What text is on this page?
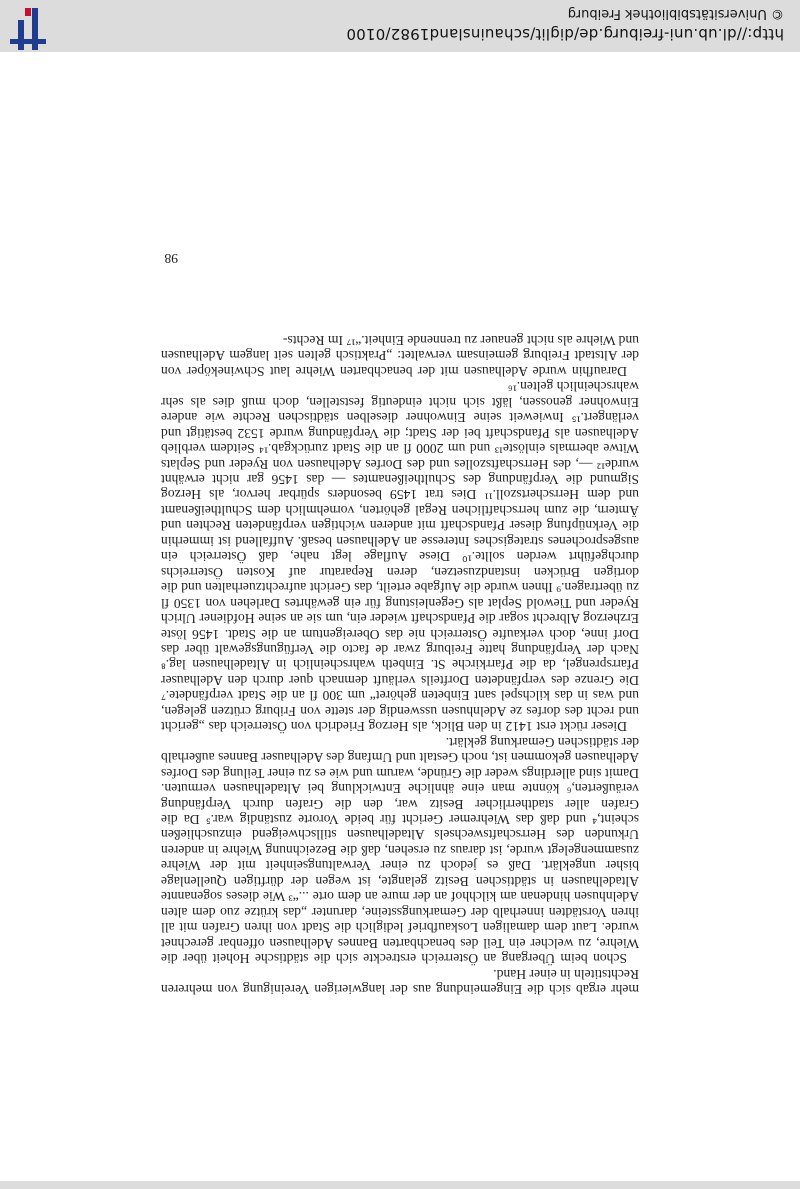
mehr ergab sich die Eingemeindung aus der langwierigen Vereinigung von mehreren Rechtstiteln in einer Hand.

Schon beim Übergang an Österreich erstreckte sich die städtische Hoheit über die Wiehre, zu welcher ein Teil des benachbarten Bannes Adelhausen offenbar gerechnet wurde. Laut dem damaligen Loskaufbrief lediglich die Stadt von ihren Grafen mit all ihren Vorstädten innerhalb der Gemarkungssteine, darunter „das krütze zuo dem alten Adelnhusen hindenan am kilchhof an der mure an dem orte ...“³ Wie dieses sogenannte Altadelhausen in städtischen Besitz gelangte, ist wegen der dürftigen Quellenlage bisher ungeklärt. Daß es jedoch zu einer Verwaltungseinheit mit der Wiehre zusammengelegt wurde, ist daraus zu ersehen, daß die Bezeichnung Wiehre in anderen Urkunden des Herrschaftswechsels Altadelhausen stillschweigend einzuschließen scheint,⁴ und daß das Wiehremer Gericht für beide Vororte zuständig war.⁵ Da die Grafen aller stadtherrlicher Besitz war, den die Grafen durch Verpfändung veräußerten,⁶ könnte man eine ähnliche Entwicklung bei Altadelhausen vermuten. Damit sind allerdings weder die Gründe, warum und wie es zu einer Teilung des Dorfes Adelhausen gekommen ist, noch Gestalt und Umfang des Adelhauser Bannes außerhalb der städtischen Gemarkung geklärt.

Dieser rückt erst 1412 in den Blick, als Herzog Friedrich von Österreich das „gericht und recht des dorfes ze Adelnhusen usswendig der stette von Friburg crützen gelegen, und was in das kilchspel sant Einbeten gehöret“ um 300 fl an die Stadt verpfändete.⁷ Die Grenze des verpfändeten Dorfteils verläuft demnach quer durch den Adelhauser Pfarrsprengel, da die Pfarrkirche St. Einbeth wahrscheinlich in Altadelhausen lag.⁸ Nach der Verpfändung hatte Freiburg zwar de facto die Verfügungsgewalt über das Dorf inne, doch verkaufte Österreich nie das Obereigentum an die Stadt. 1456 löste Erzherzog Albrecht sogar die Pfandschaft wieder ein, um sie an seine Hofdiener Ulrich Ryeder und Tiewold Seplat als Gegenleistung für ein gewährtes Darlehen von 1350 fl zu übertragen.⁹ Ihnen wurde die Aufgabe erteilt, das Gericht aufrechtzuerhalten und die dortigen Brücken instandzusetzen, deren Reparatur auf Kosten Österreichs durchgeführt werden sollte.¹⁰ Diese Auflage legt nahe, daß Österreich ein ausgesprochenes strategisches Interesse an Adelhausen besaß. Auffallend ist immerhin die Verknüpfung dieser Pfandschaft mit anderen wichtigen verpfändeten Rechten und Ämtern, die zum herrschaftlichen Regal gehörten, vornehmlich dem Schultheißenamt und dem Herrschertszoll.¹¹ Dies trat 1459 besonders spürbar hervor, als Herzog Sigmund die Verpfändung des Schultheißenamtes — das 1456 gar nicht erwähnt wurde¹² —, des Herrschaftszolles und des Dorfes Adelhausen von Ryeder und Seplats Witwe abermals einlöste¹³ und um 2000 fl an die Stadt zurückgab.¹⁴ Seitdem verblieb Adelhausen als Pfandschaft bei der Stadt; die Verpfändung wurde 1532 bestätigt und verlängert.¹⁵ Inwieweit seine Einwohner dieselben städtischen Rechte wie andere Einwohner genossen, läßt sich nicht eindeutig feststellen, doch muß dies als sehr wahrscheinlich gelten.¹⁶

Daraufhin wurde Adelhausen mit der benachbarten Wiehre laut Schwineköper von der Altstadt Freiburg gemeinsam verwaltet: „Praktisch gelten seit langem Adelhausen und Wiehre als nicht genauer zu trennende Einheit.“¹⁷ Im Rechts-

98
http://dl.ub.uni-freiburg.de/diglit/schauinsland1982/0100
© Universitätsbibliothek Freiburg
